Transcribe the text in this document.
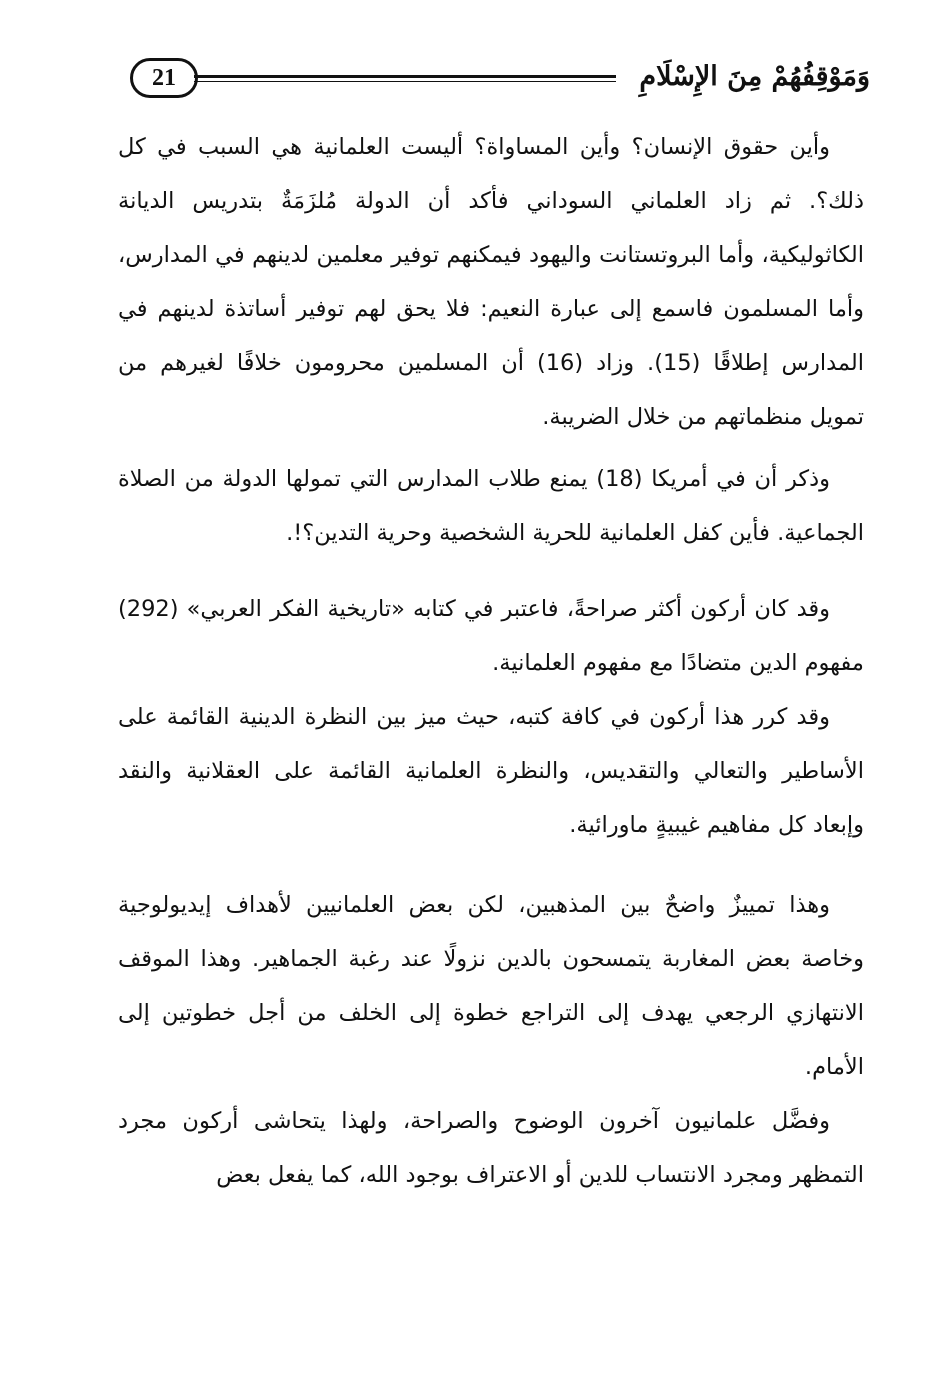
21	وَمَوْقِفُهُمْ مِنَ الإِسْلَامِ

وأين حقوق الإنسان؟ وأين المساواة؟ أليست العلمانية هي السبب في كل ذلك؟. ثم زاد العلماني السوداني فأكد أن الدولة مُلزَمَةٌ بتدريس الديانة الكاثوليكية، وأما البروتستانت واليهود فيمكنهم توفير معلمين لدينهم في المدارس، وأما المسلمون فاسمع إلى عبارة النعيم: فلا يحق لهم توفير أساتذة لدينهم في المدارس إطلاقًا (15). وزاد (16) أن المسلمين محرومون خلافًا لغيرهم من تمويل منظماتهم من خلال الضريبة.

وذكر أن في أمريكا (18) يمنع طلاب المدارس التي تمولها الدولة من الصلاة الجماعية. فأين كفل العلمانية للحرية الشخصية وحرية التدين؟!.

وقد كان أركون أكثر صراحةً، فاعتبر في كتابه «تاريخية الفكر العربي» (292) مفهوم الدين متضادًا مع مفهوم العلمانية.

وقد كرر هذا أركون في كافة كتبه، حيث ميز بين النظرة الدينية القائمة على الأساطير والتعالي والتقديس، والنظرة العلمانية القائمة على العقلانية والنقد وإبعاد كل مفاهيم غيبيةٍ ماورائية.

وهذا تمييزٌ واضحٌ بين المذهبين، لكن بعض العلمانيين لأهداف إيديولوجية وخاصة بعض المغاربة يتمسحون بالدين نزولًا عند رغبة الجماهير. وهذا الموقف الانتهازي الرجعي يهدف إلى التراجع خطوة إلى الخلف من أجل خطوتين إلى الأمام.

وفضَّل علمانيون آخرون الوضوح والصراحة، ولهذا يتحاشى أركون مجرد التمظهر ومجرد الانتساب للدين أو الاعتراف بوجود الله، كما يفعل بعض
